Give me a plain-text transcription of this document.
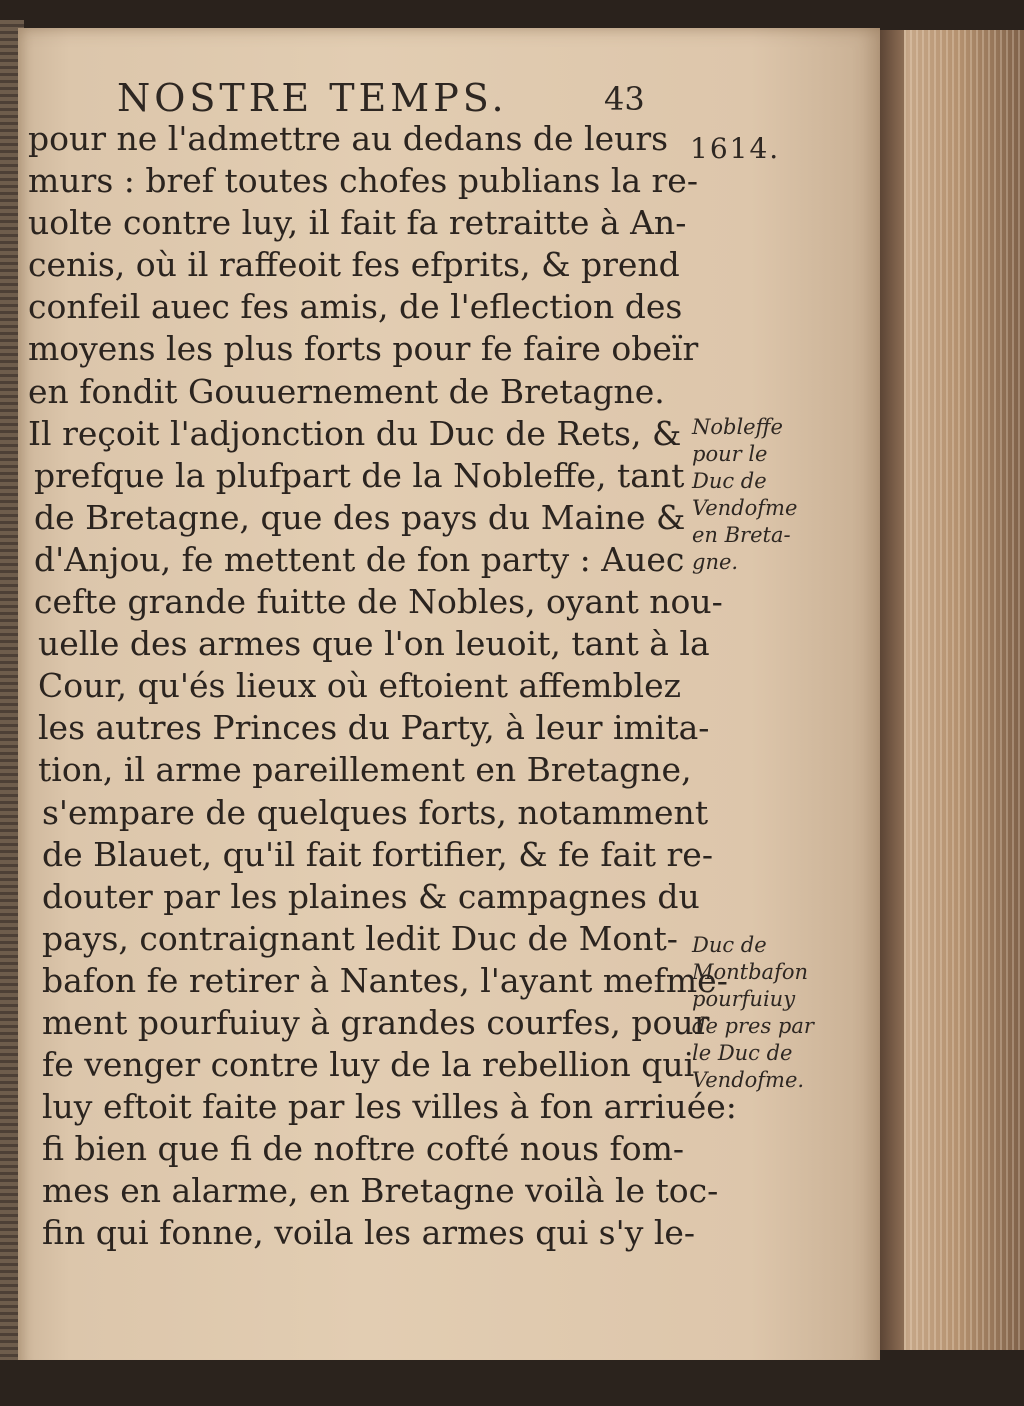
NOSTRE TEMPS.	43
1614.
pour ne l'admettre au dedans de leurs
murs : bref toutes chofes publians la re-
uolte contre luy, il fait fa retraitte à An-
cenis, où il raffeoit fes efprits, & prend
confeil auec fes amis, de l'eflection des
moyens les plus forts pour fe faire obeïr
en fondit Gouuernement de Bretagne.
Il reçoit l'adjonction du Duc de Rets, &
prefque la plufpart de la Nobleffe, tant
de Bretagne, que des pays du Maine &
d'Anjou, fe mettent de fon party : Auec
cefte grande fuitte de Nobles, oyant nou-
uelle des armes que l'on leuoit, tant à la
Cour, qu'és lieux où eftoient affemblez
les autres Princes du Party, à leur imita-
tion, il arme pareillement en Bretagne,
s'empare de quelques forts, notamment
de Blauet, qu'il fait fortifier, & fe fait re-
douter par les plaines & campagnes du
pays, contraignant ledit Duc de Mont-
bafon fe retirer à Nantes, l'ayant mefme-
ment pourfuiuy à grandes courfes, pour
fe venger contre luy de la rebellion qui
luy eftoit faite par les villes à fon arriuée:
fi bien que fi de noftre cofté nous fom-
mes en alarme, en Bretagne voilà le toc-
fin qui fonne, voila les armes qui s'y le-
Nobleffe
pour le
Duc de
Vendofme
en Breta-
gne.
Duc de
Montbafon
pourfuiuy
de pres par
le Duc de
Vendofme.
